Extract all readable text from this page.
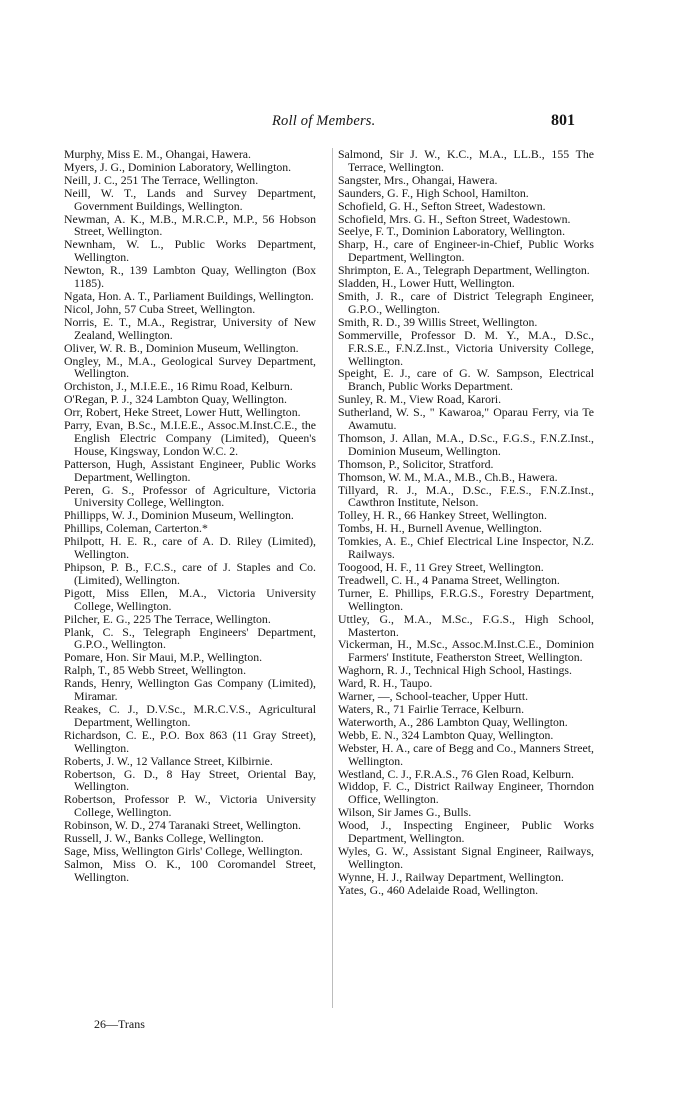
Roll of Members.	801

Murphy, Miss E. M., Ohangai, Hawera.

Myers, J. G., Dominion Laboratory, Wellington.

Neill, J. C., 251 The Terrace, Wellington.

Neill, W. T., Lands and Survey Department, Government Buildings, Wellington.

Newman, A. K., M.B., M.R.C.P., M.P., 56 Hobson Street, Wellington.

Newnham, W. L., Public Works Department, Wellington.

Newton, R., 139 Lambton Quay, Wellington (Box 1185).

Ngata, Hon. A. T., Parliament Buildings, Wellington.

Nicol, John, 57 Cuba Street, Wellington.

Norris, E. T., M.A., Registrar, University of New Zealand, Wellington.

Oliver, W. R. B., Dominion Museum, Wellington.

Ongley, M., M.A., Geological Survey Department, Wellington.

Orchiston, J., M.I.E.E., 16 Rimu Road, Kelburn.

O'Regan, P. J., 324 Lambton Quay, Wellington.

Orr, Robert, Heke Street, Lower Hutt, Wellington.

Parry, Evan, B.Sc., M.I.E.E., Assoc.M.Inst.C.E., the English Electric Company (Limited), Queen's House, Kingsway, London W.C. 2.

Patterson, Hugh, Assistant Engineer, Public Works Department, Wellington.

Peren, G. S., Professor of Agriculture, Victoria University College, Wellington.

Phillipps, W. J., Dominion Museum, Wellington.

Phillips, Coleman, Carterton.*

Philpott, H. E. R., care of A. D. Riley (Limited), Wellington.

Phipson, P. B., F.C.S., care of J. Staples and Co. (Limited), Wellington.

Pigott, Miss Ellen, M.A., Victoria University College, Wellington.

Pilcher, E. G., 225 The Terrace, Wellington.

Plank, C. S., Telegraph Engineers' Department, G.P.O., Wellington.

Pomare, Hon. Sir Maui, M.P., Wellington.

Ralph, T., 85 Webb Street, Wellington.

Rands, Henry, Wellington Gas Company (Limited), Miramar.

Reakes, C. J., D.V.Sc., M.R.C.V.S., Agricultural Department, Wellington.

Richardson, C. E., P.O. Box 863 (11 Gray Street), Wellington.

Roberts, J. W., 12 Vallance Street, Kilbirnie.

Robertson, G. D., 8 Hay Street, Oriental Bay, Wellington.

Robertson, Professor P. W., Victoria University College, Wellington.

Robinson, W. D., 274 Taranaki Street, Wellington.

Russell, J. W., Banks College, Wellington.

Sage, Miss, Wellington Girls' College, Wellington.

Salmon, Miss O. K., 100 Coromandel Street, Wellington.

Salmond, Sir J. W., K.C., M.A., LL.B., 155 The Terrace, Wellington.

Sangster, Mrs., Ohangai, Hawera.

Saunders, G. F., High School, Hamilton.

Schofield, G. H., Sefton Street, Wadestown.

Schofield, Mrs. G. H., Sefton Street, Wadestown.

Seelye, F. T., Dominion Laboratory, Wellington.

Sharp, H., care of Engineer-in-Chief, Public Works Department, Wellington.

Shrimpton, E. A., Telegraph Department, Wellington.

Sladden, H., Lower Hutt, Wellington.

Smith, J. R., care of District Telegraph Engineer, G.P.O., Wellington.

Smith, R. D., 39 Willis Street, Wellington.

Sommerville, Professor D. M. Y., M.A., D.Sc., F.R.S.E., F.N.Z.Inst., Victoria University College, Wellington.

Speight, E. J., care of G. W. Sampson, Electrical Branch, Public Works Department.

Sunley, R. M., View Road, Karori.

Sutherland, W. S., " Kawaroa," Oparau Ferry, via Te Awamutu.

Thomson, J. Allan, M.A., D.Sc., F.G.S., F.N.Z.Inst., Dominion Museum, Wellington.

Thomson, P., Solicitor, Stratford.

Thomson, W. M., M.A., M.B., Ch.B., Hawera.

Tillyard, R. J., M.A., D.Sc., F.E.S., F.N.Z.Inst., Cawthron Institute, Nelson.

Tolley, H. R., 66 Hankey Street, Wellington.

Tombs, H. H., Burnell Avenue, Wellington.

Tomkies, A. E., Chief Electrical Line Inspector, N.Z. Railways.

Toogood, H. F., 11 Grey Street, Wellington.

Treadwell, C. H., 4 Panama Street, Wellington.

Turner, E. Phillips, F.R.G.S., Forestry Department, Wellington.

Uttley, G., M.A., M.Sc., F.G.S., High School, Masterton.

Vickerman, H., M.Sc., Assoc.M.Inst.C.E., Dominion Farmers' Institute, Featherston Street, Wellington.

Waghorn, R. J., Technical High School, Hastings.

Ward, R. H., Taupo.

Warner, —, School-teacher, Upper Hutt.

Waters, R., 71 Fairlie Terrace, Kelburn.

Waterworth, A., 286 Lambton Quay, Wellington.

Webb, E. N., 324 Lambton Quay, Wellington.

Webster, H. A., care of Begg and Co., Manners Street, Wellington.

Westland, C. J., F.R.A.S., 76 Glen Road, Kelburn.

Widdop, F. C., District Railway Engineer, Thorndon Office, Wellington.

Wilson, Sir James G., Bulls.

Wood, J., Inspecting Engineer, Public Works Department, Wellington.

Wyles, G. W., Assistant Signal Engineer, Railways, Wellington.

Wynne, H. J., Railway Department, Wellington.

Yates, G., 460 Adelaide Road, Wellington.

26—Trans
